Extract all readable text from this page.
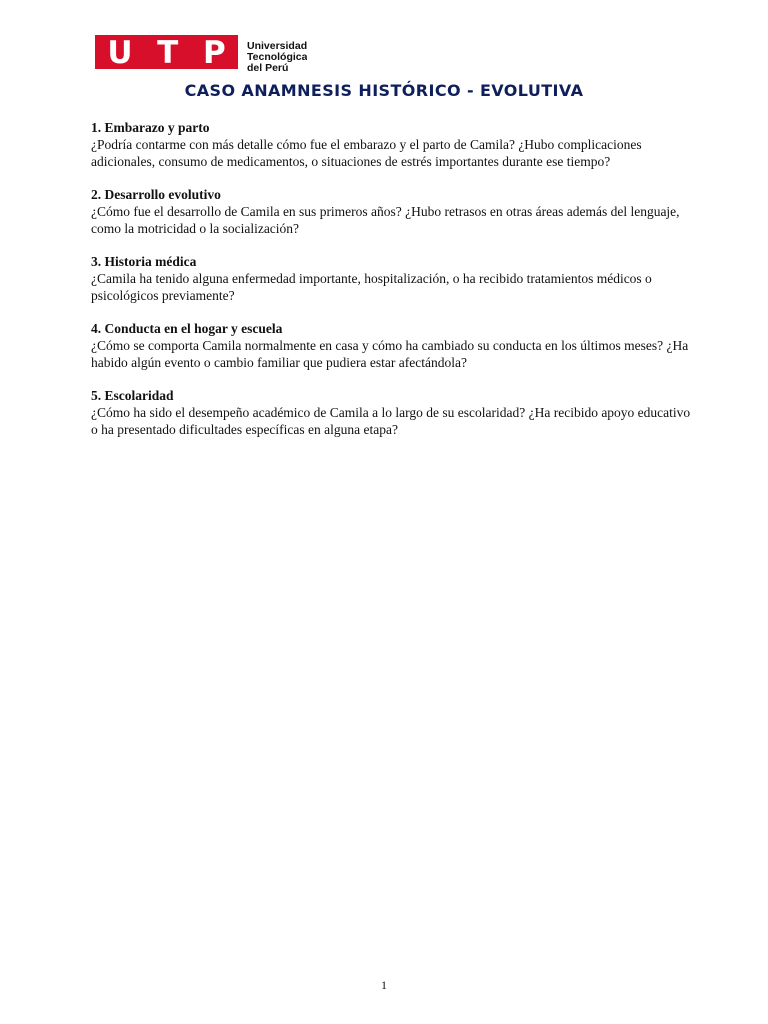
U T P Universidad
Tecnológica
del Perú
CASO ANAMNESIS HISTÓRICO - EVOLUTIVA
1. Embarazo y parto

¿Podría contarme con más detalle cómo fue el embarazo y el parto de Camila? ¿Hubo complicaciones adicionales, consumo de medicamentos, o situaciones de estrés importantes durante ese tiempo?

2. Desarrollo evolutivo

¿Cómo fue el desarrollo de Camila en sus primeros años? ¿Hubo retrasos en otras áreas además del lenguaje, como la motricidad o la socialización?

3. Historia médica

¿Camila ha tenido alguna enfermedad importante, hospitalización, o ha recibido tratamientos médicos o psicológicos previamente?

4. Conducta en el hogar y escuela

¿Cómo se comporta Camila normalmente en casa y cómo ha cambiado su conducta en los últimos meses? ¿Ha habido algún evento o cambio familiar que pudiera estar afectándola?

5. Escolaridad

¿Cómo ha sido el desempeño académico de Camila a lo largo de su escolaridad? ¿Ha recibido apoyo educativo o ha presentado dificultades específicas en alguna etapa?

1
